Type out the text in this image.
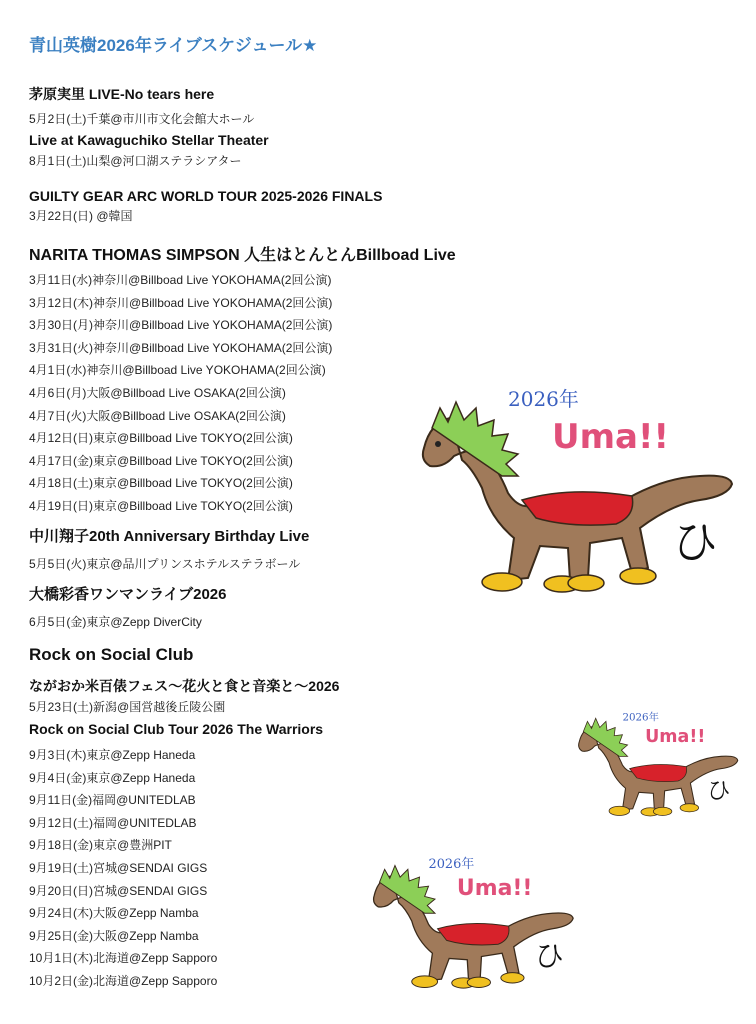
青山英樹2026年ライブスケジュール★
茅原実里 LIVE-No tears here
5月2日(土)千葉@市川市文化会館大ホール
Live at Kawaguchiko Stellar Theater
8月1日(土)山梨@河口湖ステラシアター
GUILTY GEAR ARC WORLD TOUR 2025-2026 FINALS
3月22日(日) @韓国
NARITA THOMAS SIMPSON 人生はとんとんBillboad Live
3月11日(水)神奈川@Billboad Live YOKOHAMA(2回公演)
3月12日(木)神奈川@Billboad Live YOKOHAMA(2回公演)
3月30日(月)神奈川@Billboad Live YOKOHAMA(2回公演)
3月31日(火)神奈川@Billboad Live YOKOHAMA(2回公演)
4月1日(水)神奈川@Billboad Live YOKOHAMA(2回公演)
4月6日(月)大阪@Billboad Live OSAKA(2回公演)
4月7日(火)大阪@Billboad Live OSAKA(2回公演)
4月12日(日)東京@Billboad Live TOKYO(2回公演)
4月17日(金)東京@Billboad Live TOKYO(2回公演)
4月18日(土)東京@Billboad Live TOKYO(2回公演)
4月19日(日)東京@Billboad Live TOKYO(2回公演)
中川翔子20th Anniversary Birthday Live
5月5日(火)東京@品川プリンスホテルステラボール
大橋彩香ワンマンライブ2026
6月5日(金)東京@Zepp DiverCity
Rock on Social Club
ながおか米百俵フェス〜花火と食と音楽と〜2026
5月23日(土)新潟@国営越後丘陵公園
Rock on Social Club Tour 2026 The Warriors
9月3日(木)東京@Zepp Haneda
9月4日(金)東京@Zepp Haneda
9月11日(金)福岡@UNITEDLAB
9月12日(土)福岡@UNITEDLAB
9月18日(金)東京@豊洲PIT
9月19日(土)宮城@SENDAI GIGS
9月20日(日)宮城@SENDAI GIGS
9月24日(木)大阪@Zepp Namba
9月25日(金)大阪@Zepp Namba
10月1日(木)北海道@Zepp Sapporo
10月2日(金)北海道@Zepp Sapporo
2026年
Uma!!
ひ
2026年
Uma!!
ひ
2026年
Uma!!
ひ
